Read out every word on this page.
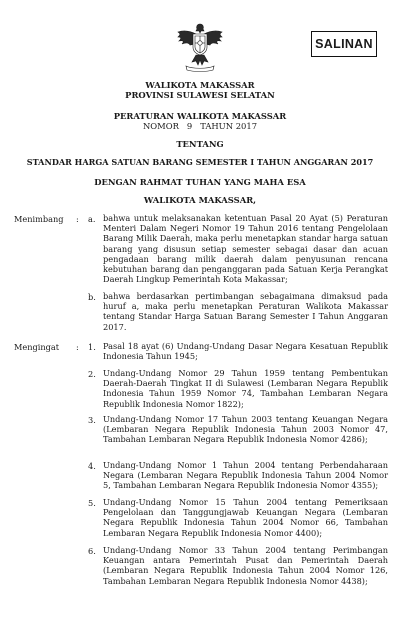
SALINAN
WALIKOTA MAKASSAR
PROVINSI SULAWESI SELATAN
PERATURAN WALIKOTA MAKASSAR
NOMOR   9   TAHUN 2017
TENTANG
STANDAR HARGA SATUAN BARANG SEMESTER I TAHUN ANGGARAN 2017
DENGAN RAHMAT TUHAN YANG MAHA ESA
WALIKOTA MAKASSAR,
Menimbang : a. bahwa untuk melaksanakan ketentuan Pasal 20 Ayat (5) Peraturan Menteri Dalam Negeri Nomor 19 Tahun 2016 tentang Pengelolaan Barang Milik Daerah, maka perlu menetapkan standar harga satuan barang yang disusun setiap semester sebagai dasar dan acuan pengadaan barang milik daerah dalam penyusunan rencana kebutuhan barang dan penganggaran pada Satuan Kerja Perangkat Daerah Lingkup Pemerintah Kota Makassar;
b. bahwa berdasarkan pertimbangan sebagaimana dimaksud pada huruf a, maka perlu menetapkan Peraturan Walikota Makassar tentang Standar Harga Satuan Barang Semester I Tahun Anggaran 2017.
Mengingat : 1. Pasal 18 ayat (6) Undang-Undang Dasar Negara Kesatuan Republik Indonesia Tahun 1945;
2. Undang-Undang Nomor 29 Tahun 1959 tentang Pembentukan Daerah-Daerah Tingkat II di Sulawesi (Lembaran Negara Republik Indonesia Tahun 1959 Nomor 74, Tambahan Lembaran Negara Republik Indonesia Nomor 1822);
3. Undang-Undang Nomor 17 Tahun 2003 tentang Keuangan Negara (Lembaran Negara Republik Indonesia Tahun 2003 Nomor 47, Tambahan Lembaran Negara Republik Indonesia Nomor 4286);
4. Undang-Undang Nomor 1 Tahun 2004 tentang Perbendaharaan Negara (Lembaran Negara Republik Indonesia Tahun 2004 Nomor 5, Tambahan Lembaran Negara Republik Indonesia Nomor 4355);
5. Undang-Undang Nomor 15 Tahun 2004 tentang Pemeriksaan Pengelolaan dan Tanggungjawab Keuangan Negara (Lembaran Negara Republik Indonesia Tahun 2004 Nomor 66, Tambahan Lembaran Negara Republik Indonesia Nomor 4400);
6. Undang-Undang Nomor 33 Tahun 2004 tentang Perimbangan Keuangan antara Pemerintah Pusat dan Pemerintah Daerah (Lembaran Negara Republik Indonesia Tahun 2004 Nomor 126, Tambahan Lembaran Negara Republik Indonesia Nomor 4438);
